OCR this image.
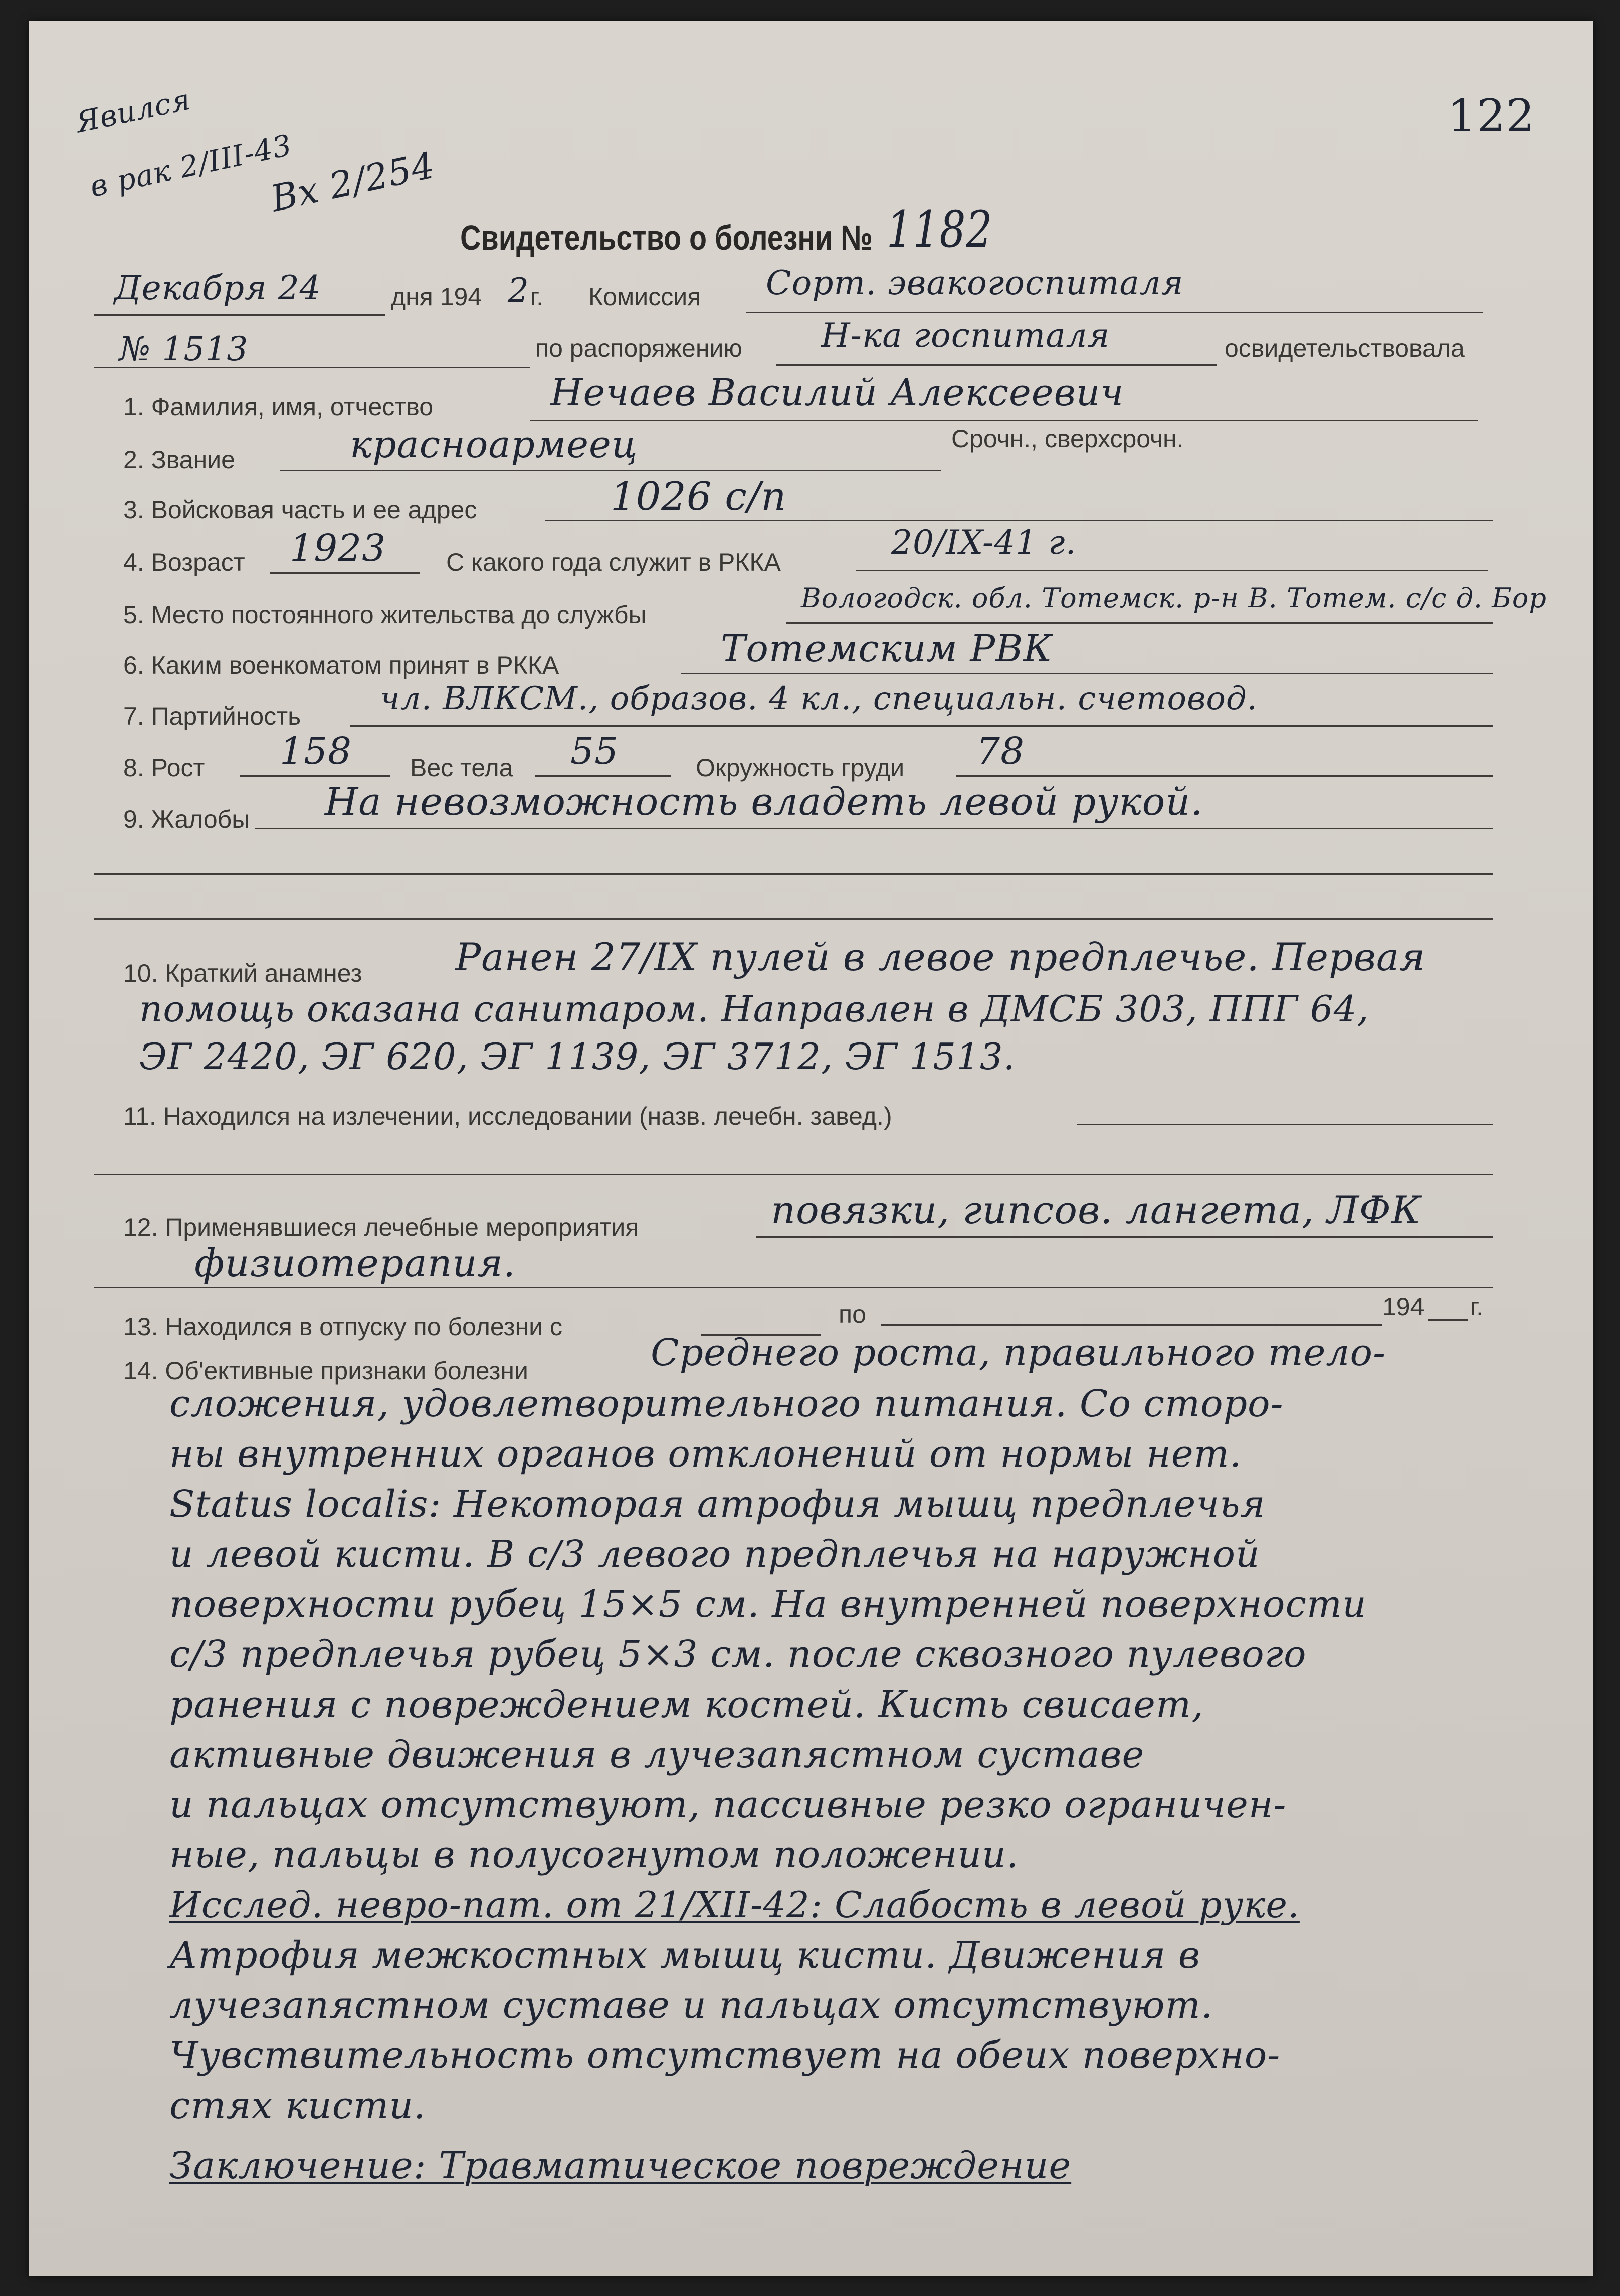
Явился
в рак 2/III-43
Вх 2/254
122
Свидетельство о болезни № 1182
Декабря 24	дня 194 2 г. Комиссия Сорт. эвакогоспиталя
№ 1513	по распоряжению Н-ка госпиталя	освидетельствовала
1. Фамилия, имя, отчество	Нечаев Василий Алексеевич
2. Звание	красноармеец	Срочн., сверхсрочн.
3. Войсковая часть и ее адрес	1026 с/п
4. Возраст 1923 С какого года служит в РККА
20/IX-41 г.
5. Место постоянного жительства до службы
Вологодск. обл. Тотемск. р-н В. Тотем. с/с д. Бор
6. Каким военкоматом принят в РККА	Тотемским РВК
7. Партийность чл. ВЛКСМ., образов. 4 кл., специальн. счетовод.
8. Рост 158 Вес тела 55	Окружность груди 78
9. Жалобы На невозможность владеть левой рукой.
10. Краткий анамнез Ранен 27/IX пулей в левое предплечье. Первая
помощь оказана санитаром. Направлен в ДМСБ 303, ППГ 64,
ЭГ 2420, ЭГ 620, ЭГ 1139, ЭГ 3712, ЭГ 1513.
11. Находился на излечении, исследовании (назв. лечебн. завед.)
12. Применявшиеся лечебные мероприятия	повязки, гипсов. лангета, ЛФК
физиотерапия.
13. Находился в отпуску по болезни с	по	194 г.
14. Об'ективные признаки болезни	Среднего роста, правильного тело-
сложения, удовлетворительного питания. Со сторо-
ны внутренних органов отклонений от нормы нет.
Status localis: Некоторая атрофия мышц предплечья
и левой кисти. В с/3 левого предплечья на наружной
поверхности рубец 15×5 см. На внутренней поверхности
с/3 предплечья рубец 5×3 см. после сквозного пулевого
ранения с повреждением костей. Кисть свисает,
активные движения в лучезапястном суставе
и пальцах отсутствуют, пассивные резко ограничен-
ные, пальцы в полусогнутом положении.
Исслед. невро-пат. от 21/XII-42: Слабость в левой руке.
Атрофия межкостных мышц кисти. Движения в
лучезапястном суставе и пальцах отсутствуют.
Чувствительность отсутствует на обеих поверхно-
стях кисти.
Заключение: Травматическое повреждение
